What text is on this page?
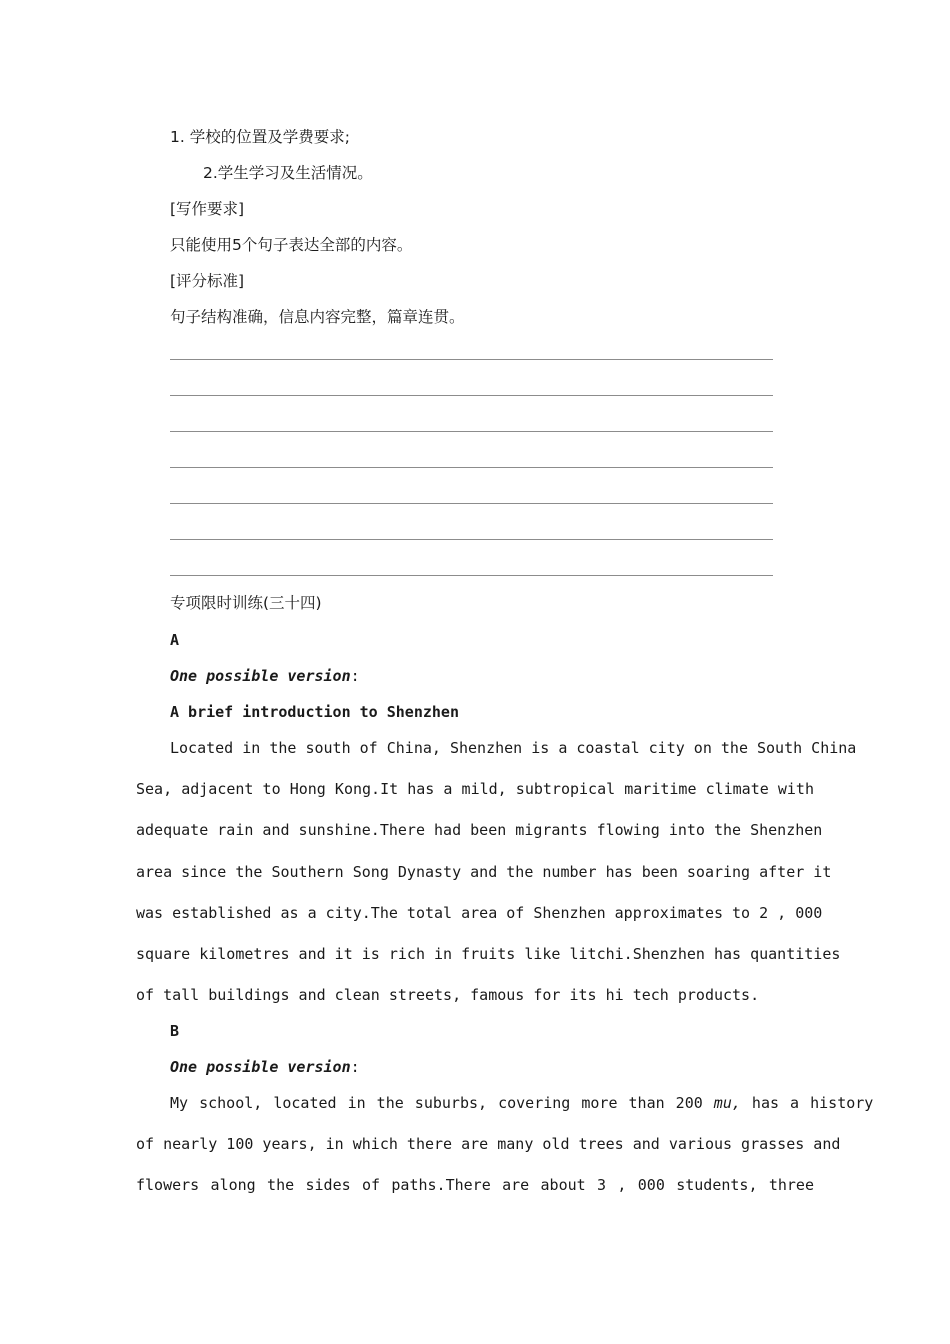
1. 学校的位置及学费要求;
2.学生学习及生活情况。
[写作要求]
只能使用5个句子表达全部的内容。
[评分标准]
句子结构准确，信息内容完整，篇章连贯。
专项限时训练(三十四)
A
One possible version:
A brief introduction to Shenzhen
Located in the south of China, Shenzhen is a coastal city on the South China
Sea, adjacent to Hong Kong.It has a mild, subtropical maritime climate with
adequate rain and sunshine.There had been migrants flowing into the Shenzhen
area since the Southern Song Dynasty and the number has been soaring after it
was established as a city.The total area of Shenzhen approximates to 2 , 000
square kilometres and it is rich in fruits like litchi.Shenzhen has quantities
of tall buildings and clean streets, famous for its hi tech products.
B
One possible version:
My school, located in the suburbs, covering more than 200 mu, has a history
of nearly 100 years, in which there are many old trees and various grasses and
flowers along the sides of paths.There are about 3 , 000 students, three
